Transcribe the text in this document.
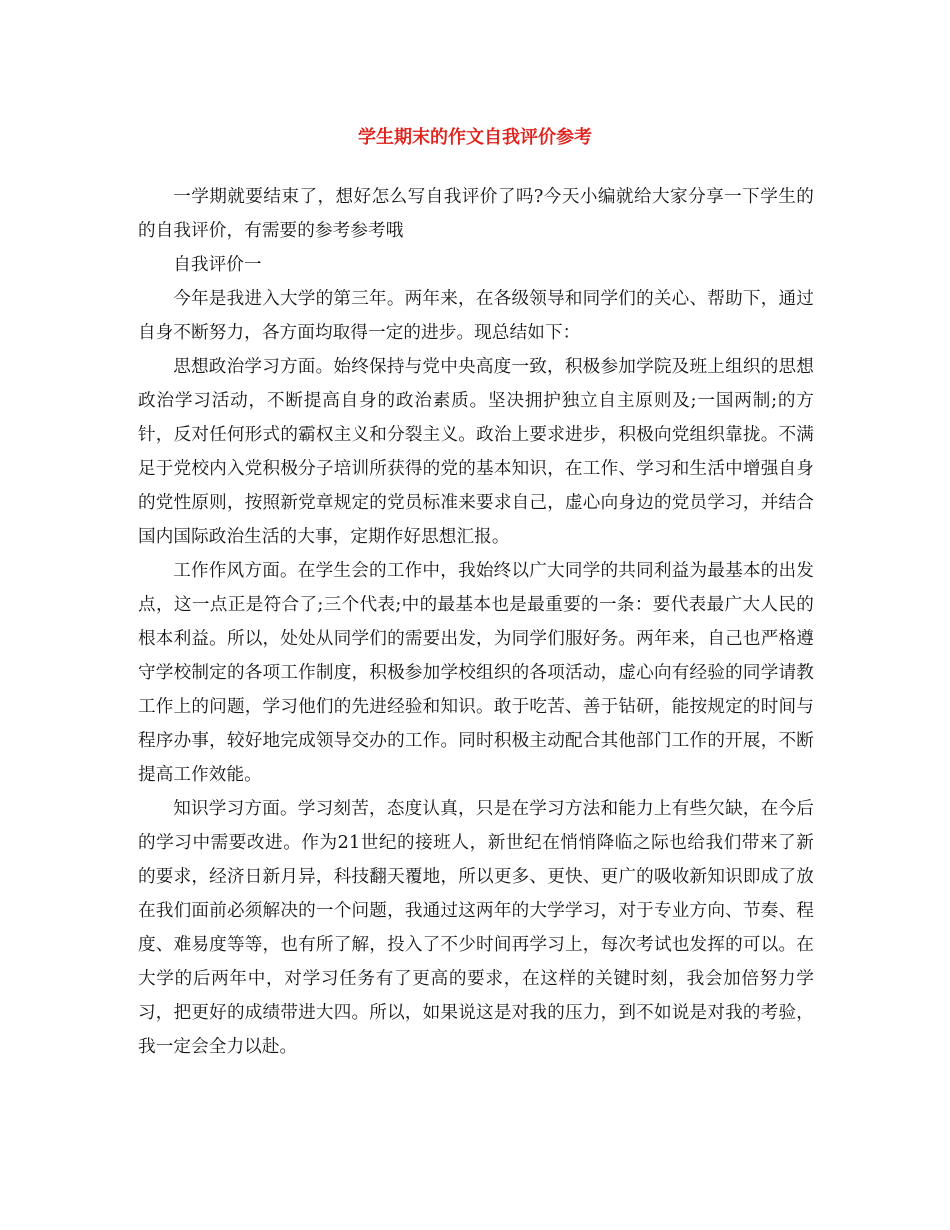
学生期末的作文自我评价参考

一学期就要结束了，想好怎么写自我评价了吗?今天小编就给大家分享一下学生的的自我评价，有需要的参考参考哦

自我评价一

今年是我进入大学的第三年。两年来，在各级领导和同学们的关心、帮助下，通过自身不断努力，各方面均取得一定的进步。现总结如下：

思想政治学习方面。始终保持与党中央高度一致，积极参加学院及班上组织的思想政治学习活动，不断提高自身的政治素质。坚决拥护独立自主原则及;一国两制;的方针，反对任何形式的霸权主义和分裂主义。政治上要求进步，积极向党组织靠拢。不满足于党校内入党积极分子培训所获得的党的基本知识，在工作、学习和生活中增强自身的党性原则，按照新党章规定的党员标准来要求自己，虚心向身边的党员学习，并结合国内国际政治生活的大事，定期作好思想汇报。

工作作风方面。在学生会的工作中，我始终以广大同学的共同利益为最基本的出发点，这一点正是符合了;三个代表;中的最基本也是最重要的一条：要代表最广大人民的根本利益。所以，处处从同学们的需要出发，为同学们服好务。两年来，自己也严格遵守学校制定的各项工作制度，积极参加学校组织的各项活动，虚心向有经验的同学请教工作上的问题，学习他们的先进经验和知识。敢于吃苦、善于钻研，能按规定的时间与程序办事，较好地完成领导交办的工作。同时积极主动配合其他部门工作的开展，不断提高工作效能。

知识学习方面。学习刻苦，态度认真，只是在学习方法和能力上有些欠缺，在今后的学习中需要改进。作为21世纪的接班人，新世纪在悄悄降临之际也给我们带来了新的要求，经济日新月异，科技翻天覆地，所以更多、更快、更广的吸收新知识即成了放在我们面前必须解决的一个问题，我通过这两年的大学学习，对于专业方向、节奏、程度、难易度等等，也有所了解，投入了不少时间再学习上，每次考试也发挥的可以。在大学的后两年中，对学习任务有了更高的要求，在这样的关键时刻，我会加倍努力学习，把更好的成绩带进大四。所以，如果说这是对我的压力，到不如说是对我的考验，我一定会全力以赴。
